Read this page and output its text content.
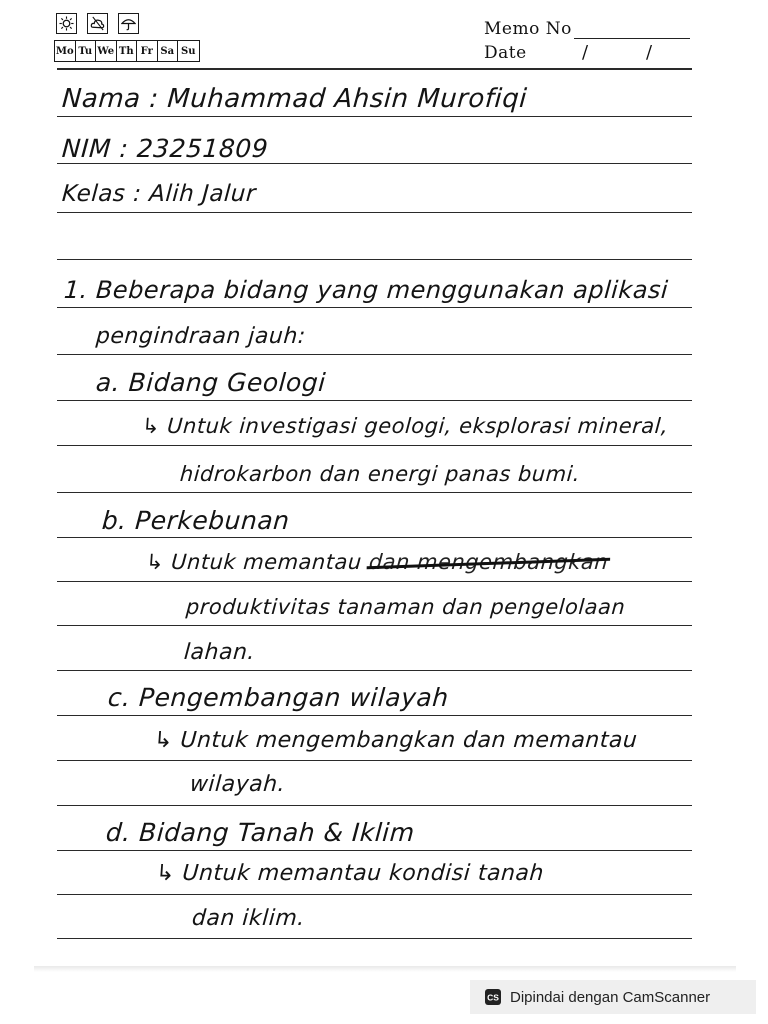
Mo Tu We Th Fr Sa Su
Memo No
Date	/	/
Nama : Muhammad Ahsin Murofiqi
NIM : 23251809
Kelas : Alih Jalur
1. Beberapa bidang yang menggunakan aplikasi
pengindraan jauh:
a. Bidang Geologi
↳ Untuk investigasi geologi, eksplorasi mineral,
hidrokarbon dan energi panas bumi.
b. Perkebunan
↳ Untuk memantau dan mengembangkan
produktivitas tanaman dan pengelolaan
lahan.
c. Pengembangan wilayah
↳ Untuk mengembangkan dan memantau
wilayah.
d. Bidang Tanah & Iklim
↳ Untuk memantau kondisi tanah
dan iklim.
CS Dipindai dengan CamScanner
